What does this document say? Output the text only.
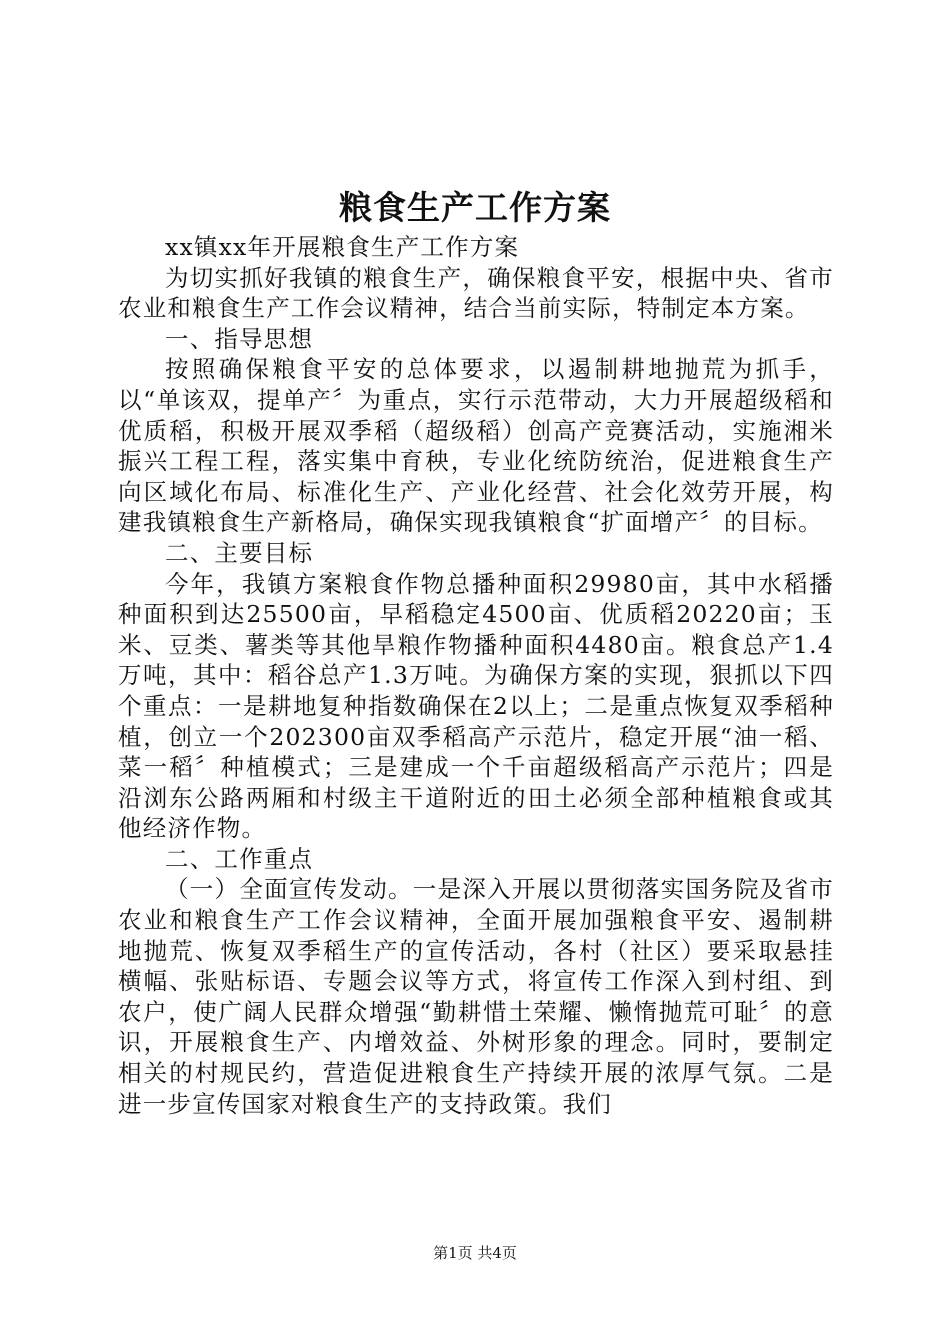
粮食生产工作方案

xx镇xx年开展粮食生产工作方案

为切实抓好我镇的粮食生产，确保粮食平安，根据中央、省市农业和粮食生产工作会议精神，结合当前实际，特制定本方案。

一、指导思想

按照确保粮食平安的总体要求，以遏制耕地抛荒为抓手，以“单该双，提单产〞为重点，实行示范带动，大力开展超级稻和优质稻，积极开展双季稻（超级稻）创高产竞赛活动，实施湘米振兴工程工程，落实集中育秧，专业化统防统治，促进粮食生产向区域化布局、标准化生产、产业化经营、社会化效劳开展，构建我镇粮食生产新格局，确保实现我镇粮食“扩面增产〞的目标。

二、主要目标

今年，我镇方案粮食作物总播种面积29980亩，其中水稻播种面积到达25500亩，早稻稳定4500亩、优质稻20220亩；玉米、豆类、薯类等其他旱粮作物播种面积4480亩。粮食总产1.4万吨，其中：稻谷总产1.3万吨。为确保方案的实现，狠抓以下四个重点：一是耕地复种指数确保在2以上；二是重点恢复双季稻种植，创立一个202300亩双季稻高产示范片，稳定开展“油一稻、菜一稻〞种植模式；三是建成一个千亩超级稻高产示范片；四是沿浏东公路两厢和村级主干道附近的田土必须全部种植粮食或其他经济作物。

二、工作重点

（一）全面宣传发动。一是深入开展以贯彻落实国务院及省市农业和粮食生产工作会议精神，全面开展加强粮食平安、遏制耕地抛荒、恢复双季稻生产的宣传活动，各村（社区）要采取悬挂横幅、张贴标语、专题会议等方式，将宣传工作深入到村组、到农户，使广阔人民群众增强“勤耕惜土荣耀、懒惰抛荒可耻〞的意识，开展粮食生产、内增效益、外树形象的理念。同时，要制定相关的村规民约，营造促进粮食生产持续开展的浓厚气氛。二是进一步宣传国家对粮食生产的支持政策。我们

第1页 共4页
